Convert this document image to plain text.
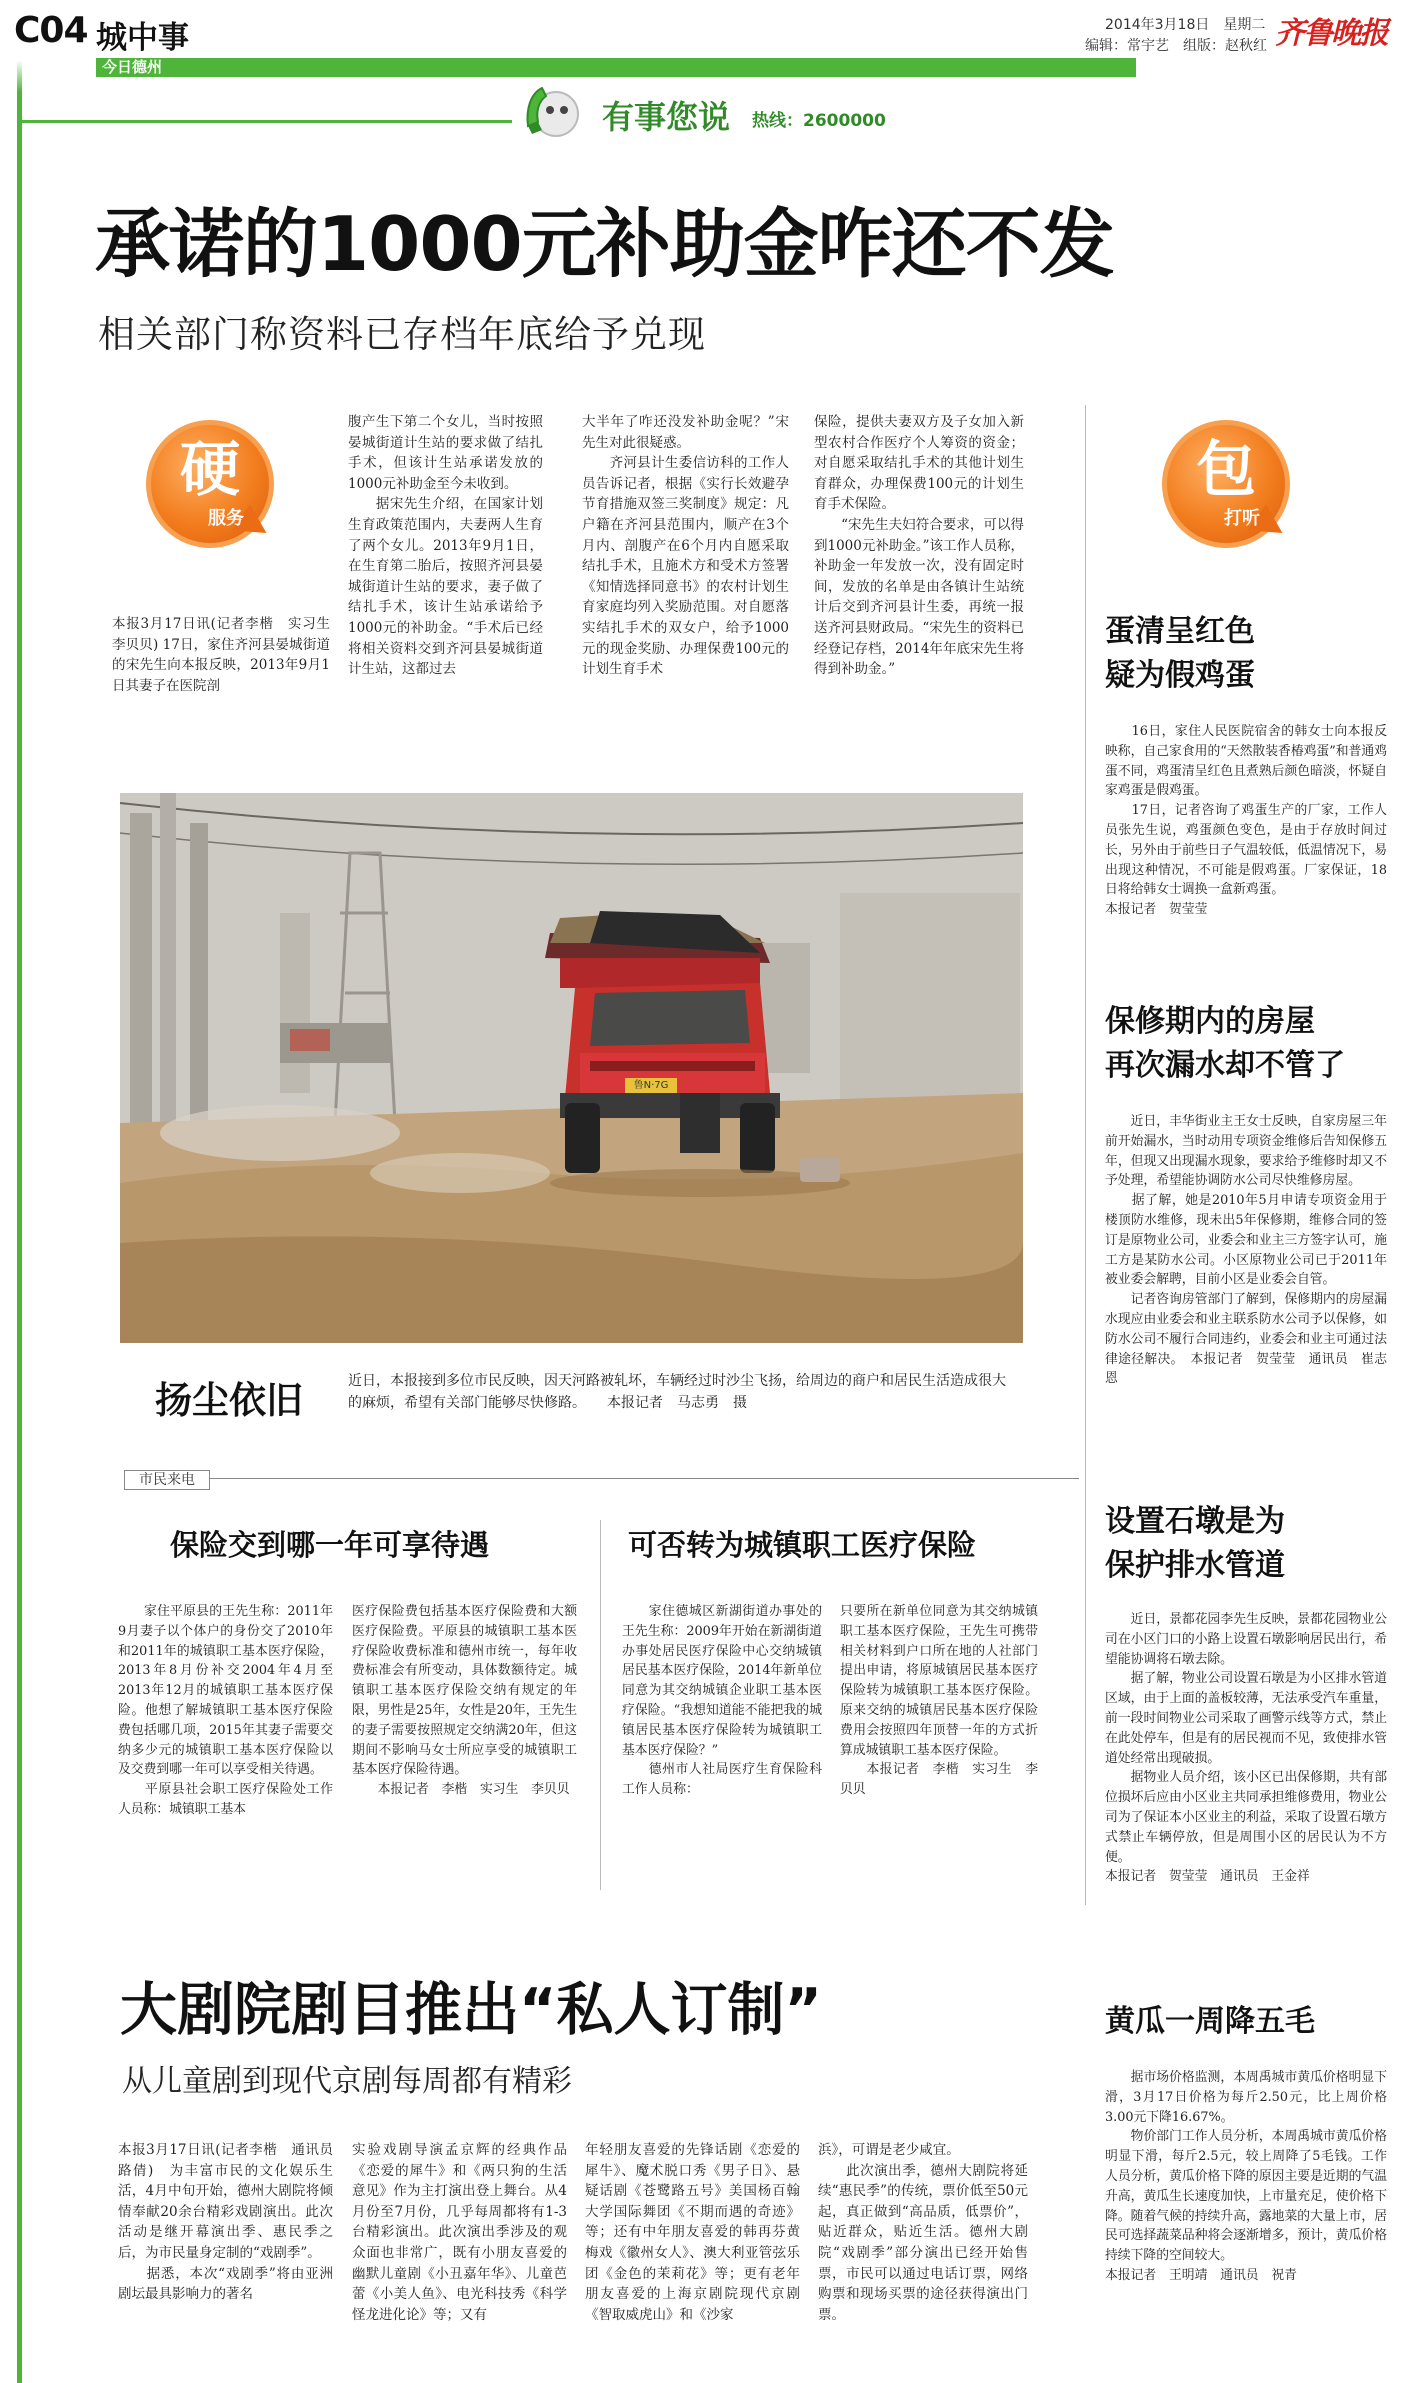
C04 城中事
今日德州
2014年3月18日　星期二
编辑：常宇艺　组版：赵秋红 齐鲁晚报
有事您说 热线：2600000
承诺的1000元补助金咋还不发
相关部门称资料已存档年底给予兑现
硬
服务
本报3月17日讯(记者李楷　实习生　李贝贝) 17日，家住齐河县晏城街道的宋先生向本报反映，2013年9月1日其妻子在医院剖
腹产生下第二个女儿，当时按照晏城街道计生站的要求做了结扎手术，但该计生站承诺发放的1000元补助金至今未收到。
　　据宋先生介绍，在国家计划生育政策范围内，夫妻两人生育了两个女儿。2013年9月1日，在生育第二胎后，按照齐河县晏城街道计生站的要求，妻子做了结扎手术，该计生站承诺给予1000元的补助金。“手术后已经将相关资料交到齐河县晏城街道计生站，这都过去
大半年了咋还没发补助金呢？”宋先生对此很疑惑。
　　齐河县计生委信访科的工作人员告诉记者，根据《实行长效避孕节育措施双签三奖制度》规定：凡户籍在齐河县范围内，顺产在3个月内、剖腹产在6个月内自愿采取结扎手术，且施术方和受术方签署《知情选择同意书》的农村计划生育家庭均列入奖励范围。对自愿落实结扎手术的双女户，给予1000元的现金奖励、办理保费100元的计划生育手术
保险，提供夫妻双方及子女加入新型农村合作医疗个人筹资的资金；对自愿采取结扎手术的其他计划生育群众，办理保费100元的计划生育手术保险。
　　“宋先生夫妇符合要求，可以得到1000元补助金。”该工作人员称，补助金一年发放一次，没有固定时间，发放的名单是由各镇计生站统计后交到齐河县计生委，再统一报送齐河县财政局。“宋先生的资料已经登记存档，2014年年底宋先生将得到补助金。”
鲁N·7G
扬尘依旧	近日，本报接到多位市民反映，因天河路被轧坏，车辆经过时沙尘飞扬，给周边的商户和居民生活造成很大的麻烦，希望有关部门能够尽快修路。　　本报记者　马志勇　摄
市民来电
保险交到哪一年可享待遇	可否转为城镇职工医疗保险
　　家住平原县的王先生称：2011年9月妻子以个体户的身份交了2010年和2011年的城镇职工基本医疗保险，2013年8月份补交2004年4月至2013年12月的城镇职工基本医疗保险。他想了解城镇职工基本医疗保险费包括哪几项，2015年其妻子需要交纳多少元的城镇职工基本医疗保险以及交费到哪一年可以享受相关待遇。
　　平原县社会职工医疗保险处工作人员称：城镇职工基本
医疗保险费包括基本医疗保险费和大额医疗保险费。平原县的城镇职工基本医疗保险收费标准和德州市统一，每年收费标准会有所变动，具体数额待定。城镇职工基本医疗保险交纳有规定的年限，男性是25年，女性是20年，王先生的妻子需要按照规定交纳满20年，但这期间不影响马女士所应享受的城镇职工基本医疗保险待遇。
　　本报记者　李楷　实习生　李贝贝
　　家住德城区新湖街道办事处的王先生称：2009年开始在新湖街道办事处居民医疗保险中心交纳城镇居民基本医疗保险，2014年新单位同意为其交纳城镇企业职工基本医疗保险。“我想知道能不能把我的城镇居民基本医疗保险转为城镇职工基本医疗保险？”
　　德州市人社局医疗生育保险科工作人员称：
只要所在新单位同意为其交纳城镇职工基本医疗保险，王先生可携带相关材料到户口所在地的人社部门提出申请，将原城镇居民基本医疗保险转为城镇职工基本医疗保险。原来交纳的城镇居民基本医疗保险费用会按照四年顶替一年的方式折算成城镇职工基本医疗保险。
　　本报记者　李楷　实习生　李贝贝
大剧院剧目推出“私人订制”
从儿童剧到现代京剧每周都有精彩
本报3月17日讯(记者李楷　通讯员　路倩)　为丰富市民的文化娱乐生活，4月中旬开始，德州大剧院将倾情奉献20余台精彩戏剧演出。此次活动是继开幕演出季、惠民季之后，为市民量身定制的“戏剧季”。
　　据悉，本次“戏剧季”将由亚洲剧坛最具影响力的著名
实验戏剧导演孟京辉的经典作品《恋爱的犀牛》和《两只狗的生活意见》作为主打演出登上舞台。从4月份至7月份，几乎每周都将有1-3台精彩演出。此次演出季涉及的观众面也非常广，既有小朋友喜爱的幽默儿童剧《小丑嘉年华》、儿童芭蕾《小美人鱼》、电光科技秀《科学怪龙进化论》等；又有
年轻朋友喜爱的先锋话剧《恋爱的犀牛》、魔术脱口秀《男子日》、悬疑话剧《苍鹭路五号》美国杨百翰大学国际舞团《不期而遇的奇迹》等；还有中年朋友喜爱的韩再芬黄梅戏《徽州女人》、澳大利亚管弦乐团《金色的茉莉花》等；更有老年朋友喜爱的上海京剧院现代京剧《智取威虎山》和《沙家
浜》，可谓是老少咸宜。
　　此次演出季，德州大剧院将延续“惠民季”的传统，票价低至50元起，真正做到“高品质，低票价”，贴近群众，贴近生活。德州大剧院“戏剧季”部分演出已经开始售票，市民可以通过电话订票，网络购票和现场买票的途径获得演出门票。
包
打听
蛋清呈红色
疑为假鸡蛋
　　16日，家住人民医院宿舍的韩女士向本报反映称，自己家食用的“天然散装香椿鸡蛋”和普通鸡蛋不同，鸡蛋清呈红色且煮熟后颜色暗淡，怀疑自家鸡蛋是假鸡蛋。
　　17日，记者咨询了鸡蛋生产的厂家，工作人员张先生说，鸡蛋颜色变色，是由于存放时间过长，另外由于前些日子气温较低，低温情况下，易出现这种情况，不可能是假鸡蛋。厂家保证，18日将给韩女士调换一盒新鸡蛋。
本报记者　贺莹莹
保修期内的房屋
再次漏水却不管了
　　近日，丰华街业主王女士反映，自家房屋三年前开始漏水，当时动用专项资金维修后告知保修五年，但现又出现漏水现象，要求给予维修时却又不予处理，希望能协调防水公司尽快维修房屋。
　　据了解，她是2010年5月申请专项资金用于楼顶防水维修，现未出5年保修期，维修合同的签订是原物业公司，业委会和业主三方签字认可，施工方是某防水公司。小区原物业公司已于2011年被业委会解聘，目前小区是业委会自管。
　　记者咨询房管部门了解到，保修期内的房屋漏水现应由业委会和业主联系防水公司予以保修，如防水公司不履行合同违约，业委会和业主可通过法律途径解决。　本报记者　贺莹莹　通讯员　崔志恩
设置石墩是为
保护排水管道
　　近日，景都花园李先生反映，景都花园物业公司在小区门口的小路上设置石墩影响居民出行，希望能协调将石墩去除。
　　据了解，物业公司设置石墩是为小区排水管道区域，由于上面的盖板较薄，无法承受汽车重量，前一段时间物业公司采取了画警示线等方式，禁止在此处停车，但是有的居民视而不见，致使排水管道处经常出现破损。
　　据物业人员介绍，该小区已出保修期，共有部位损坏后应由小区业主共同承担维修费用，物业公司为了保证本小区业主的利益，采取了设置石墩方式禁止车辆停放，但是周围小区的居民认为不方便。
本报记者　贺莹莹　通讯员　王金祥
黄瓜一周降五毛
　　据市场价格监测，本周禹城市黄瓜价格明显下滑，3月17日价格为每斤2.50元，比上周价格3.00元下降16.67%。
　　物价部门工作人员分析，本周禹城市黄瓜价格明显下滑，每斤2.5元，较上周降了5毛钱。工作人员分析，黄瓜价格下降的原因主要是近期的气温升高，黄瓜生长速度加快，上市量充足，使价格下降。随着气候的持续升高，露地菜的大量上市，居民可选择蔬菜品种将会逐渐增多，预计，黄瓜价格持续下降的空间较大。
本报记者　王明靖　通讯员　祝青
